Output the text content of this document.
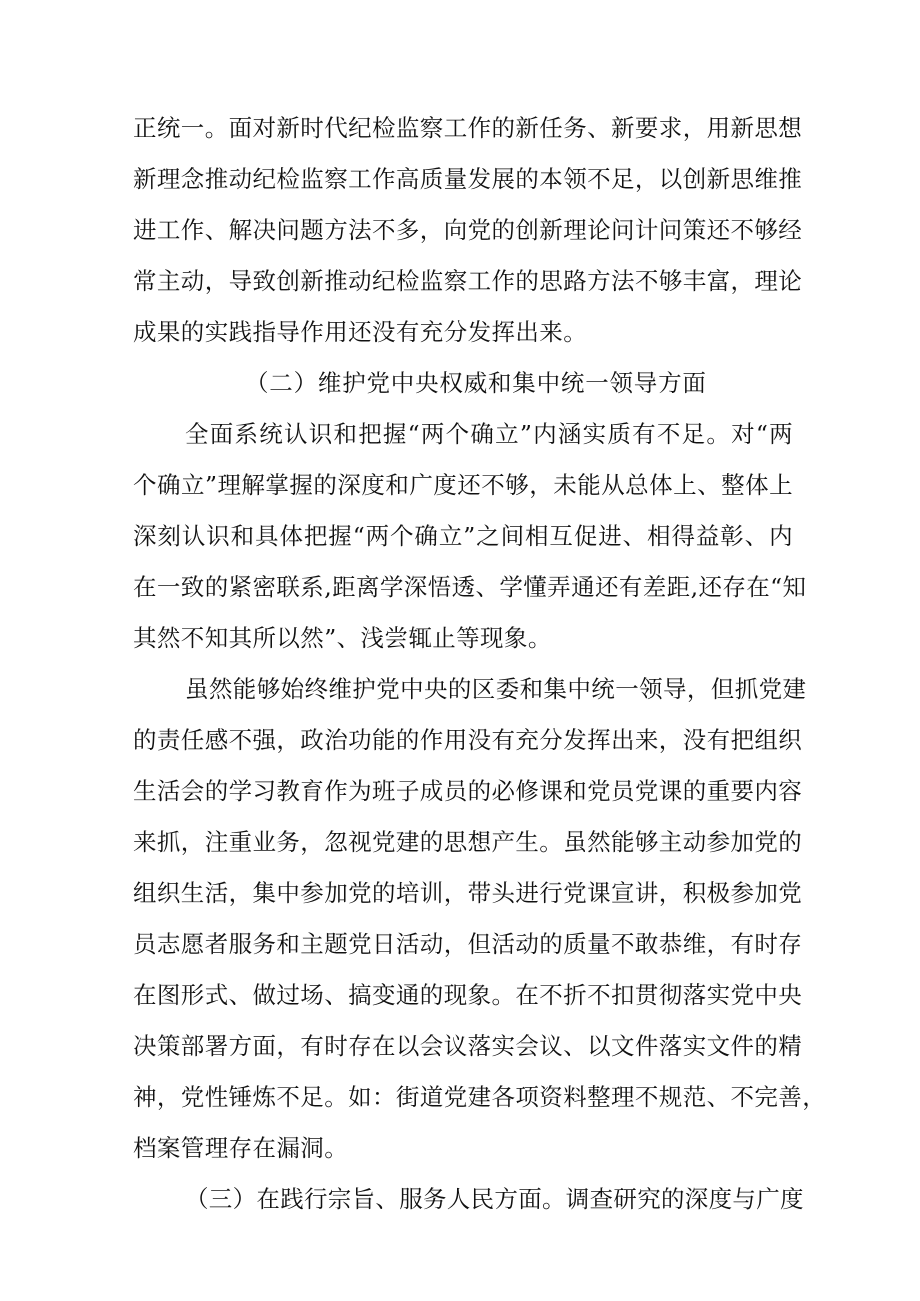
正统一。面对新时代纪检监察工作的新任务、新要求，用新思想
新理念推动纪检监察工作高质量发展的本领不足，以创新思维推
进工作、解决问题方法不多，向党的创新理论问计问策还不够经
常主动，导致创新推动纪检监察工作的思路方法不够丰富，理论
成果的实践指导作用还没有充分发挥出来。
（二）维护党中央权威和集中统一领导方面
全面系统认识和把握“两个确立”内涵实质有不足。对“两
个确立”理解掌握的深度和广度还不够，未能从总体上、整体上
深刻认识和具体把握“两个确立”之间相互促进、相得益彰、内
在一致的紧密联系,距离学深悟透、学懂弄通还有差距,还存在“知
其然不知其所以然”、浅尝辄止等现象。
虽然能够始终维护党中央的区委和集中统一领导，但抓党建
的责任感不强，政治功能的作用没有充分发挥出来，没有把组织
生活会的学习教育作为班子成员的必修课和党员党课的重要内容
来抓，注重业务，忽视党建的思想产生。虽然能够主动参加党的
组织生活，集中参加党的培训，带头进行党课宣讲，积极参加党
员志愿者服务和主题党日活动，但活动的质量不敢恭维，有时存
在图形式、做过场、搞变通的现象。在不折不扣贯彻落实党中央
决策部署方面，有时存在以会议落实会议、以文件落实文件的精
神，党性锤炼不足。如：街道党建各项资料整理不规范、不完善，
档案管理存在漏洞。
（三）在践行宗旨、服务人民方面。调查研究的深度与广度
